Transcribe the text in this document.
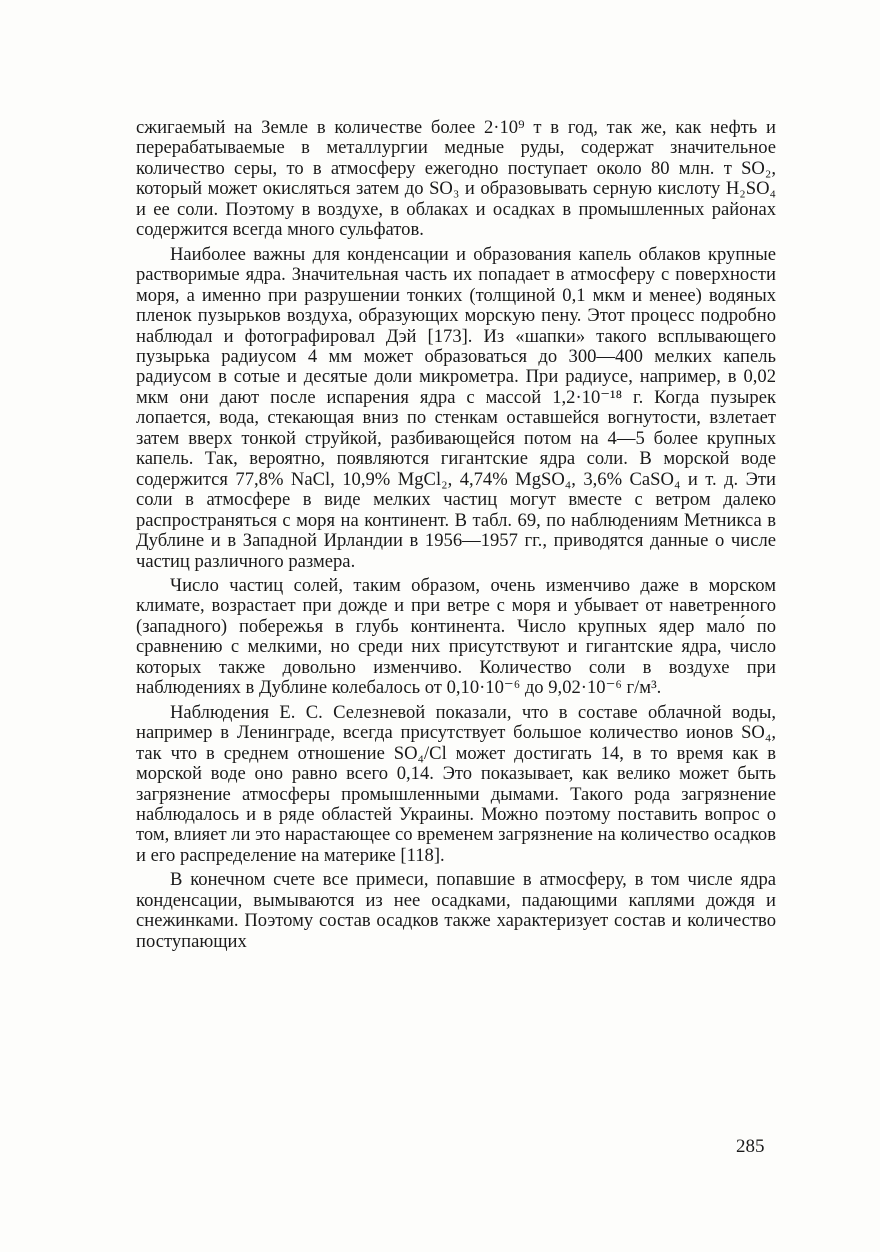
сжигаемый на Земле в количестве более 2·10⁹ т в год, так же, как нефть и перерабатываемые в металлургии медные руды, содержат значительное количество серы, то в атмосферу ежегодно поступает около 80 млн. т SO₂, который может окисляться затем до SO₃ и образовывать серную кислоту H₂SO₄ и ее соли. Поэтому в воздухе, в облаках и осадках в промышленных районах содержится всегда много сульфатов.

Наиболее важны для конденсации и образования капель облаков крупные растворимые ядра. Значительная часть их попадает в атмосферу с поверхности моря, а именно при разрушении тонких (толщиной 0,1 мкм и менее) водяных пленок пузырьков воздуха, образующих морскую пену. Этот процесс подробно наблюдал и фотографировал Дэй [173]. Из «шапки» такого всплывающего пузырька радиусом 4 мм может образоваться до 300—400 мелких капель радиусом в сотые и десятые доли микрометра. При радиусе, например, в 0,02 мкм они дают после испарения ядра с массой 1,2·10⁻¹⁸ г. Когда пузырек лопается, вода, стекающая вниз по стенкам оставшейся вогнутости, взлетает затем вверх тонкой струйкой, разбивающейся потом на 4—5 более крупных капель. Так, вероятно, появляются гигантские ядра соли. В морской воде содержится 77,8% NaCl, 10,9% MgCl₂, 4,74% MgSO₄, 3,6% CaSO₄ и т. д. Эти соли в атмосфере в виде мелких частиц могут вместе с ветром далеко распространяться с моря на континент. В табл. 69, по наблюдениям Метникса в Дублине и в Западной Ирландии в 1956—1957 гг., приводятся данные о числе частиц различного размера.

Число частиц солей, таким образом, очень изменчиво даже в морском климате, возрастает при дожде и при ветре с моря и убывает от наветренного (западного) побережья в глубь континента. Число крупных ядер мало́ по сравнению с мелкими, но среди них присутствуют и гигантские ядра, число которых также довольно изменчиво. Количество соли в воздухе при наблюдениях в Дублине колебалось от 0,10·10⁻⁶ до 9,02·10⁻⁶ г/м³.

Наблюдения Е. С. Селезневой показали, что в составе облачной воды, например в Ленинграде, всегда присутствует большое количество ионов SO₄, так что в среднем отношение SO₄/Cl может достигать 14, в то время как в морской воде оно равно всего 0,14. Это показывает, как велико может быть загрязнение атмосферы промышленными дымами. Такого рода загрязнение наблюдалось и в ряде областей Украины. Можно поэтому поставить вопрос о том, влияет ли это нарастающее со временем загрязнение на количество осадков и его распределение на материке [118].

В конечном счете все примеси, попавшие в атмосферу, в том числе ядра конденсации, вымываются из нее осадками, падающими каплями дождя и снежинками. Поэтому состав осадков также характеризует состав и количество поступающих

285
